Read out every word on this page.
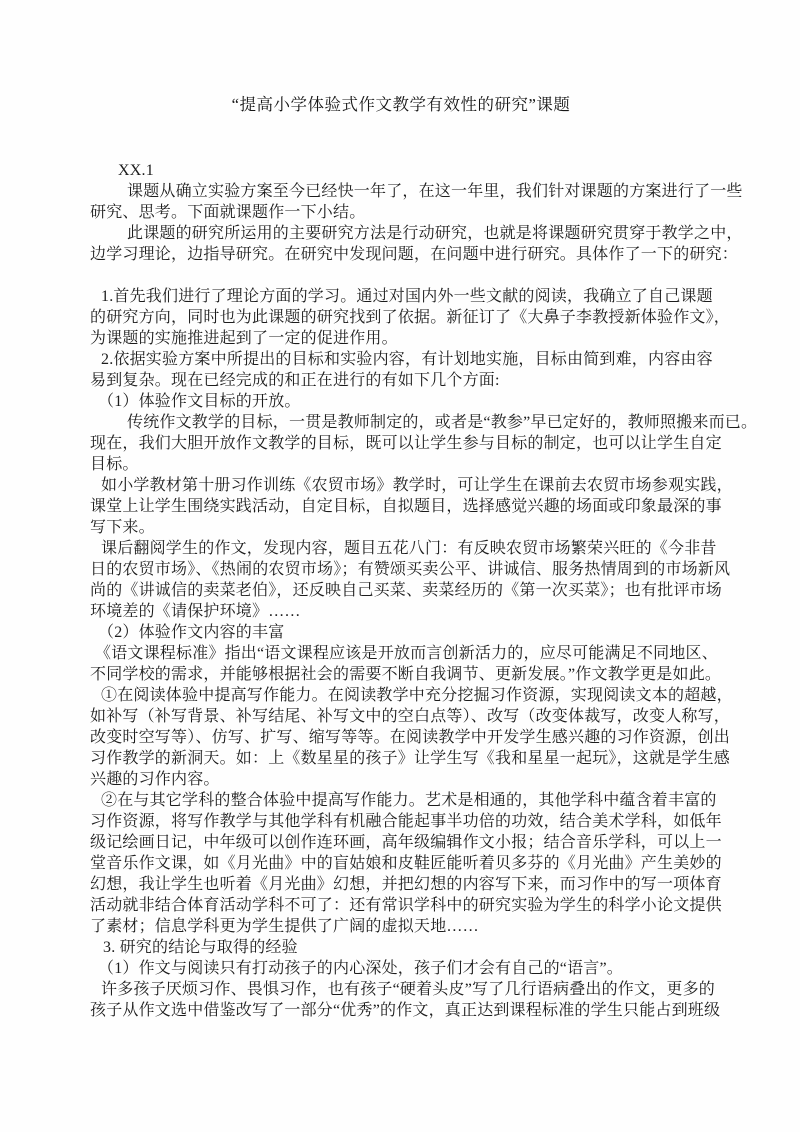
“提高小学体验式作文教学有效性的研究”课题
XX.1
课题从确立实验方案至今已经快一年了，在这一年里，我们针对课题的方案进行了一些
研究、思考。下面就课题作一下小结。
此课题的研究所运用的主要研究方法是行动研究，也就是将课题研究贯穿于教学之中，
边学习理论，边指导研究。在研究中发现问题，在问题中进行研究。具体作了一下的研究：
1.首先我们进行了理论方面的学习。通过对国内外一些文献的阅读，我确立了自己课题
的研究方向，同时也为此课题的研究找到了依据。新征订了《大鼻子李教授新体验作文》，
为课题的实施推进起到了一定的促进作用。
2.依据实验方案中所提出的目标和实验内容，有计划地实施，目标由简到难，内容由容
易到复杂。现在已经完成的和正在进行的有如下几个方面:
（1）体验作文目标的开放。
传统作文教学的目标，一贯是教师制定的，或者是“教参”早已定好的，教师照搬来而已。
现在，我们大胆开放作文教学的目标，既可以让学生参与目标的制定，也可以让学生自定
目标。
如小学教材第十册习作训练《农贸市场》教学时，可让学生在课前去农贸市场参观实践，
课堂上让学生围绕实践活动，自定目标，自拟题目，选择感觉兴趣的场面或印象最深的事
写下来。
课后翻阅学生的作文，发现内容，题目五花八门：有反映农贸市场繁荣兴旺的《今非昔
日的农贸市场》、《热闹的农贸市场》；有赞颂买卖公平、讲诚信、服务热情周到的市场新风
尚的《讲诚信的卖菜老伯》，还反映自己买菜、卖菜经历的《第一次买菜》；也有批评市场
环境差的《请保护环境》……
（2）体验作文内容的丰富
《语文课程标准》指出“语文课程应该是开放而言创新活力的，应尽可能满足不同地区、
不同学校的需求，并能够根据社会的需要不断自我调节、更新发展。”作文教学更是如此。
①在阅读体验中提高写作能力。在阅读教学中充分挖掘习作资源，实现阅读文本的超越，
如补写（补写背景、补写结尾、补写文中的空白点等）、改写（改变体裁写，改变人称写，
改变时空写等）、仿写、扩写、缩写等等。在阅读教学中开发学生感兴趣的习作资源，创出
习作教学的新洞天。如：上《数星星的孩子》让学生写《我和星星一起玩》，这就是学生感
兴趣的习作内容。
②在与其它学科的整合体验中提高写作能力。艺术是相通的，其他学科中蕴含着丰富的
习作资源，将写作教学与其他学科有机融合能起事半功倍的功效，结合美术学科，如低年
级记绘画日记，中年级可以创作连环画，高年级编辑作文小报；结合音乐学科，可以上一
堂音乐作文课，如《月光曲》中的盲姑娘和皮鞋匠能听着贝多芬的《月光曲》产生美妙的
幻想，我让学生也听着《月光曲》幻想，并把幻想的内容写下来，而习作中的写一项体育
活动就非结合体育活动学科不可了：还有常识学科中的研究实验为学生的科学小论文提供
了素材；信息学科更为学生提供了广阔的虚拟天地……
3. 研究的结论与取得的经验
（1）作文与阅读只有打动孩子的内心深处，孩子们才会有自己的“语言”。
许多孩子厌烦习作、畏惧习作，也有孩子“硬着头皮”写了几行语病叠出的作文，更多的
孩子从作文选中借鉴改写了一部分“优秀”的作文，真正达到课程标准的学生只能占到班级
